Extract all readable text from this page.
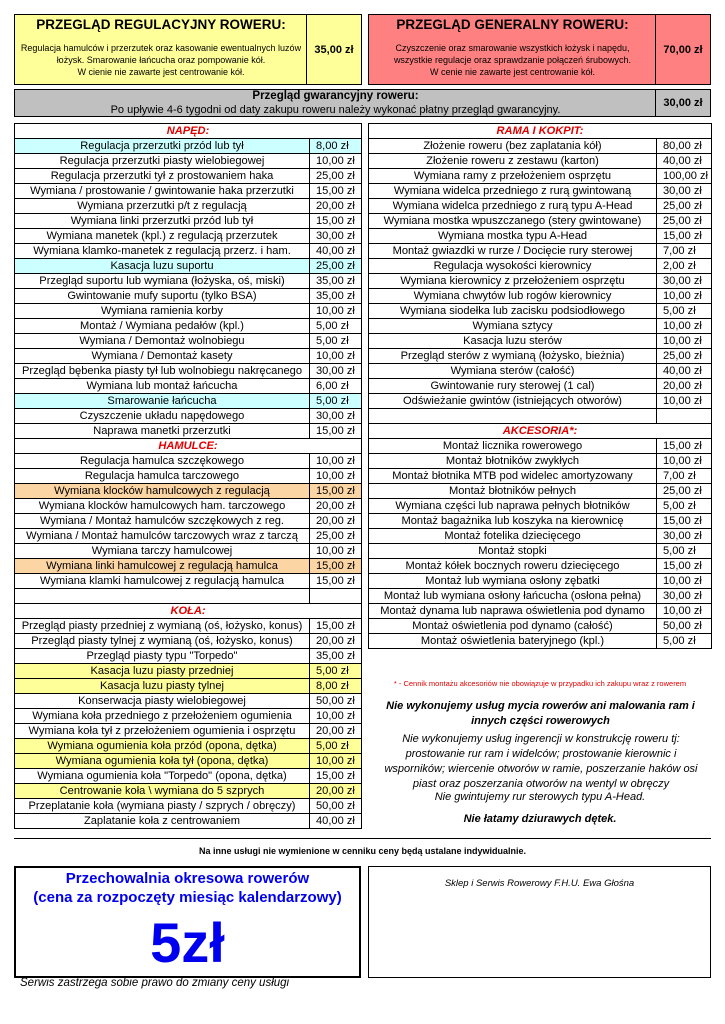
PRZEGLĄD REGULACYJNY ROWERU:
Regulacja hamulców i przerzutek oraz kasowanie ewentualnych luzów
łożysk. Smarowanie łańcucha oraz pompowanie kół.
W cienie nie zawarte jest centrowanie kół.
35,00 zł
PRZEGLĄD GENERALNY ROWERU:
Czyszczenie oraz smarowanie wszystkich łożysk i napędu,
wszystkie regulacje oraz sprawdzanie połączeń śrubowych.
W cenie nie zawarte jest centrowanie kół.
70,00 zł
Przegląd gwarancyjny roweru:
Po upływie 4-6 tygodni od daty zakupu roweru należy wykonać płatny przegląd gwarancyjny.
30,00 zł
NAPĘD:	
Regulacja przerzutki przód lub tył	8,00 zł
Regulacja przerzutki piasty wielobiegowej	10,00 zł
Regulacja przerzutki tył z prostowaniem haka	25,00 zł
Wymiana / prostowanie / gwintowanie haka przerzutki	15,00 zł
Wymiana przerzutki p/t z regulacją	20,00 zł
Wymiana linki przerzutki przód lub tył	15,00 zł
Wymiana manetek (kpl.) z regulacją przerzutek	30,00 zł
Wymiana klamko-manetek z regulacją przerz. i ham.	40,00 zł
Kasacja luzu suportu	25,00 zł
Przegląd suportu lub wymiana (łożyska, oś, miski)	35,00 zł
Gwintowanie mufy suportu (tylko BSA)	35,00 zł
Wymiana ramienia korby	10,00 zł
Montaż / Wymiana pedałów (kpl.)	5,00 zł
Wymiana / Demontaż wolnobiegu	5,00 zł
Wymiana / Demontaż kasety	10,00 zł
Przegląd bębenka piasty tył lub wolnobiegu nakręcanego	30,00 zł
Wymiana lub montaż łańcucha	6,00 zł
Smarowanie łańcucha	5,00 zł
Czyszczenie układu napędowego	30,00 zł
Naprawa manetki przerzutki	15,00 zł
HAMULCE:	
Regulacja hamulca szczękowego	10,00 zł
Regulacja hamulca tarczowego	10,00 zł
Wymiana klocków hamulcowych z regulacją	15,00 zł
Wymiana klocków hamulcowych ham. tarczowego	20,00 zł
Wymiana / Montaż hamulców szczękowych z reg.	20,00 zł
Wymiana / Montaż hamulców tarczowych wraz z tarczą	25,00 zł
Wymiana tarczy hamulcowej	10,00 zł
Wymiana linki hamulcowej z regulacją hamulca	15,00 zł
Wymiana klamki hamulcowej z regulacją hamulca	15,00 zł

KOŁA:	
Przegląd piasty przedniej z wymianą (oś, łożysko, konus)	15,00 zł
Przegląd piasty tylnej z wymianą (oś, łożysko, konus)	20,00 zł
Przegląd piasty typu "Torpedo"	35,00 zł
Kasacja luzu piasty przedniej	5,00 zł
Kasacja luzu piasty tylnej	8,00 zł
Konserwacja piasty wielobiegowej	50,00 zł
Wymiana koła przedniego z przełożeniem ogumienia	10,00 zł
Wymiana koła tył z przełożeniem ogumienia i osprzętu	20,00 zł
Wymiana ogumienia koła przód (opona, dętka)	5,00 zł
Wymiana ogumienia koła tył (opona, dętka)	10,00 zł
Wymiana ogumienia koła "Torpedo" (opona, dętka)	15,00 zł
Centrowanie koła \ wymiana do 5 szprych	20,00 zł
Przeplatanie koła (wymiana piasty / szprych / obręczy)	50,00 zł
Zaplatanie koła z centrowaniem	40,00 zł
RAMA I KOKPIT:	
Złożenie roweru (bez zaplatania kół)	80,00 zł
Złożenie roweru z zestawu (karton)	40,00 zł
Wymiana ramy z przełożeniem osprzętu	100,00 zł
Wymiana widelca przedniego z rurą gwintowaną	30,00 zł
Wymiana widelca przedniego z rurą typu A-Head	25,00 zł
Wymiana mostka wpuszczanego (stery gwintowane)	25,00 zł
Wymiana mostka typu A-Head	15,00 zł
Montaż gwiazdki w rurze / Docięcie rury sterowej	7,00 zł
Regulacja wysokości kierownicy	2,00 zł
Wymiana kierownicy z przełożeniem osprzętu	30,00 zł
Wymiana chwytów lub rogów kierownicy	10,00 zł
Wymiana siodełka lub zacisku podsiodłowego	5,00 zł
Wymiana sztycy	10,00 zł
Kasacja luzu sterów	10,00 zł
Przegląd sterów z wymianą (łożysko, bieżnia)	25,00 zł
Wymiana sterów (całość)	40,00 zł
Gwintowanie rury sterowej (1 cal)	20,00 zł
Odświeżanie gwintów (istniejących otworów)	10,00 zł

AKCESORIA*:	
Montaż licznika rowerowego	15,00 zł
Montaż błotników zwykłych	10,00 zł
Montaż błotnika MTB pod widelec amortyzowany	7,00 zł
Montaż błotników pełnych	25,00 zł
Wymiana części lub naprawa pełnych błotników	5,00 zł
Montaż bagażnika lub koszyka na kierownicę	15,00 zł
Montaż fotelika dziecięcego	30,00 zł
Montaż stopki	5,00 zł
Montaż kółek bocznych roweru dziecięcego	15,00 zł
Montaż lub wymiana osłony zębatki	10,00 zł
Montaż lub wymiana osłony łańcucha (osłona pełna)	30,00 zł
Montaż dynama lub naprawa oświetlenia pod dynamo	10,00 zł
Montaż oświetlenia pod dynamo (całość)	50,00 zł
Montaż oświetlenia bateryjnego (kpl.)	5,00 zł
* - Cennik montażu akcesoriów nie obowiązuje w przypadku ich zakupu wraz z rowerem
Nie wykonujemy usług mycia rowerów ani malowania ram i innych części rowerowych
Nie wykonujemy usług ingerencji w konstrukcję roweru tj: prostowanie rur ram i widelców; prostowanie kierownic i wsporników; wiercenie otworów w ramie, poszerzanie haków osi piast oraz poszerzania otworów na wentyl w obręczy
Nie gwintujemy rur sterowych typu A-Head.
Nie łatamy dziurawych dętek.
Na inne usługi nie wymienione w cenniku ceny będą ustalane indywidualnie.
Przechowalnia okresowa rowerów
(cena za rozpoczęty miesiąc kalendarzowy)
5zł
Sklep i Serwis Rowerowy F.H.U. Ewa Głośna
Serwis zastrzega sobie prawo do zmiany ceny usługi
